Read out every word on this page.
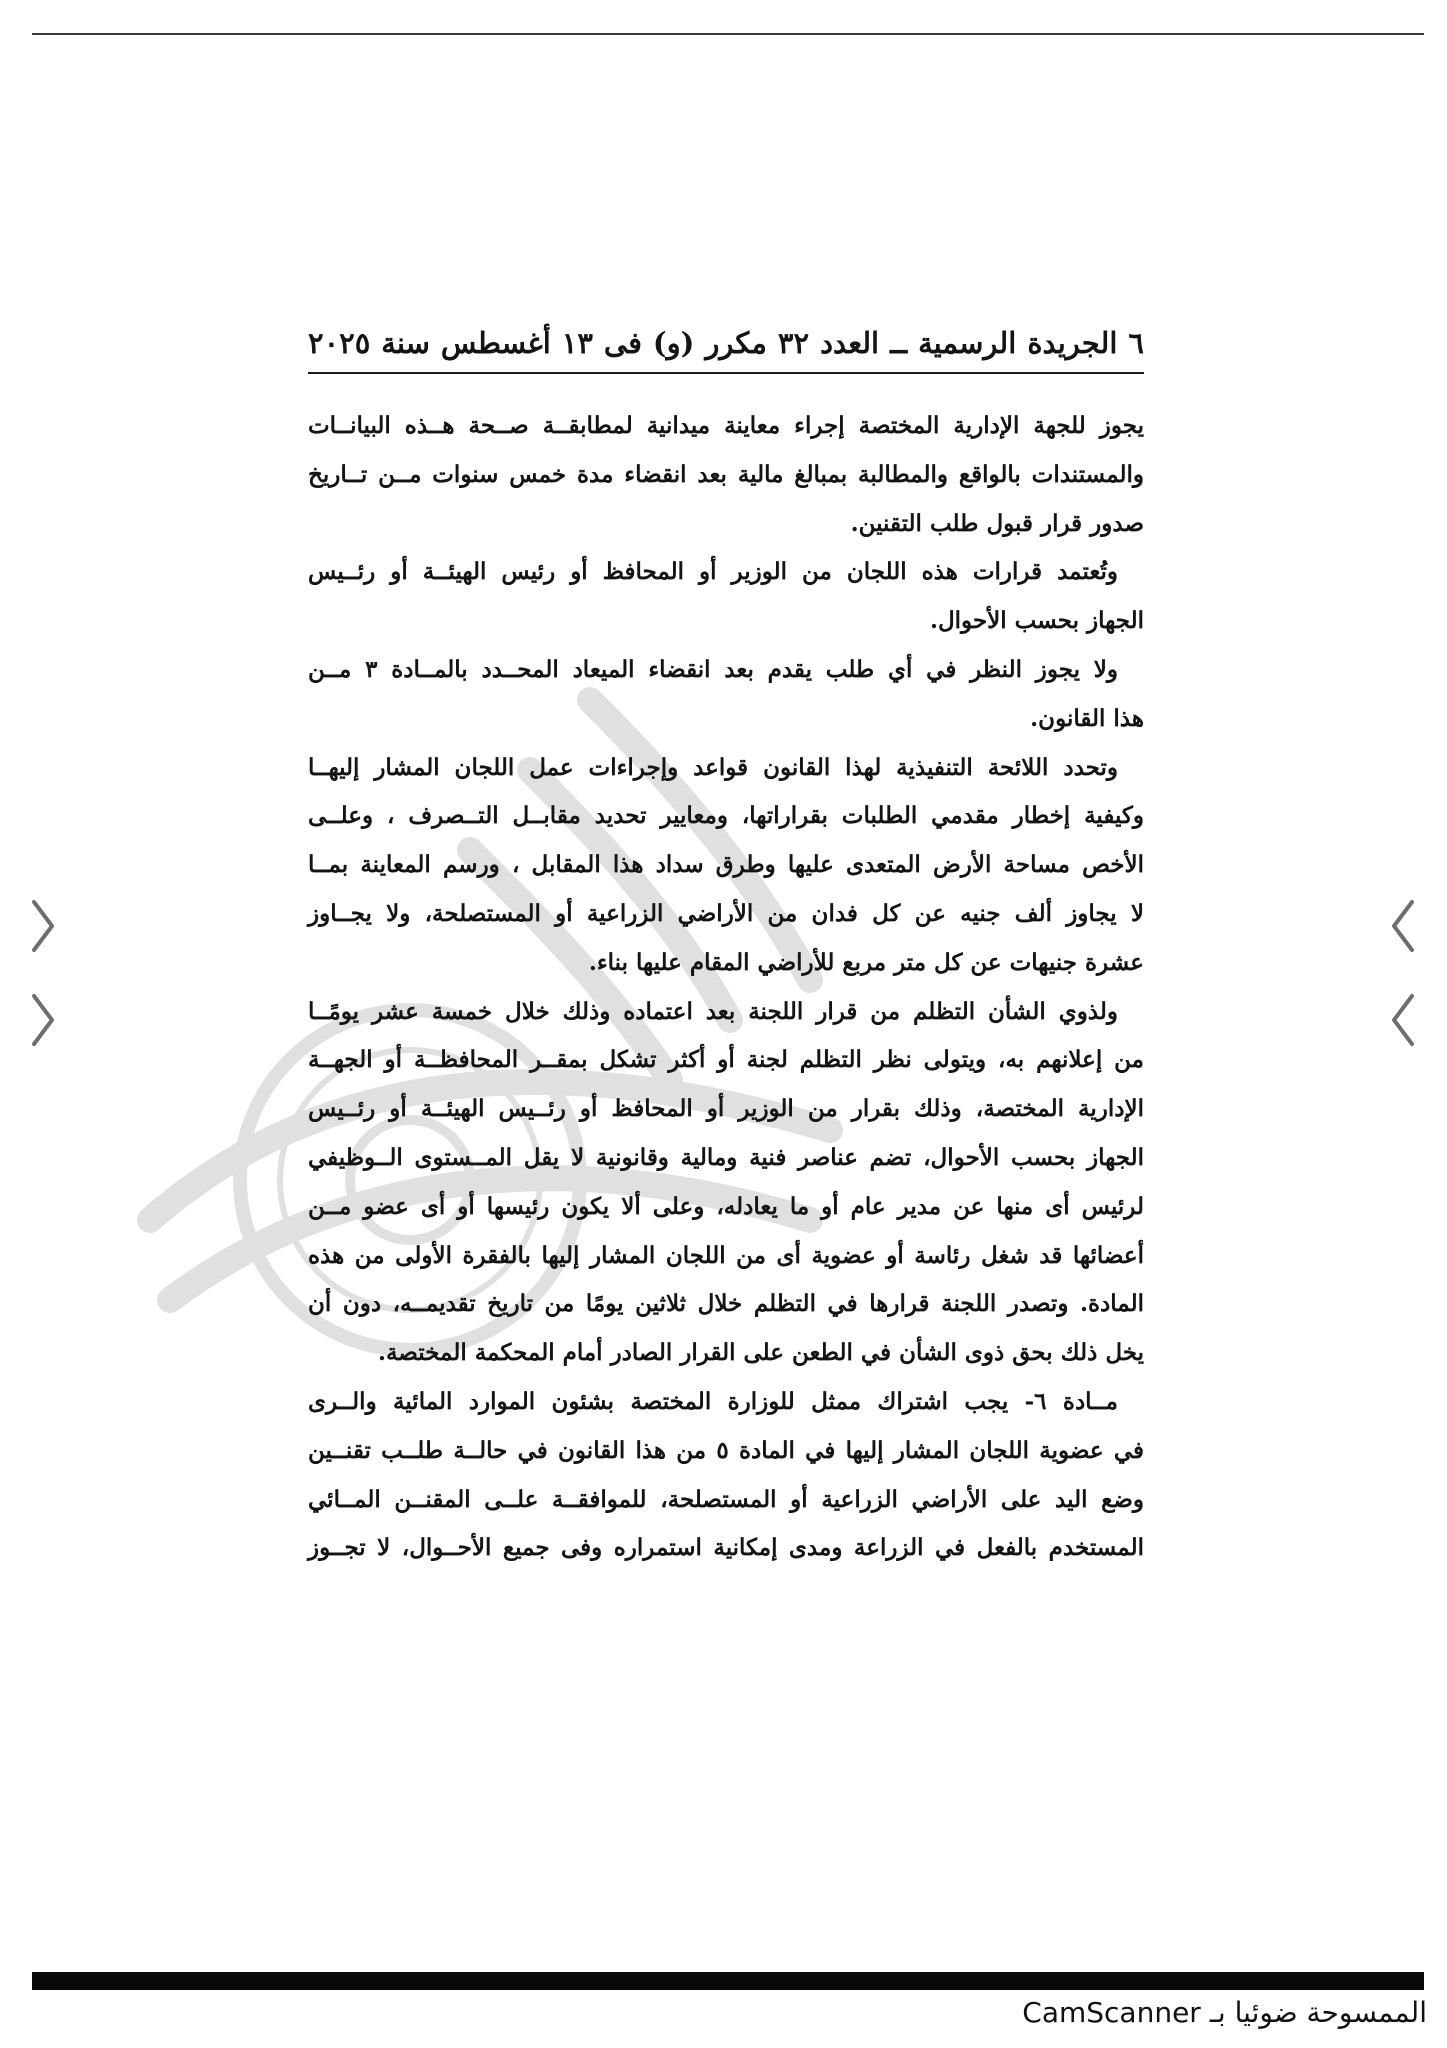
٦ الجريدة الرسمية ــ العدد ٣٢ مكرر (و) فى ١٣ أغسطس سنة ٢٠٢٥

يجوز للجهة الإدارية المختصة إجراء معاينة ميدانية لمطابقــة صــحة هــذه البيانــات
والمستندات بالواقع والمطالبة بمبالغ مالية بعد انقضاء مدة خمس سنوات مــن تــاريخ
صدور قرار قبول طلب التقنين.

وتُعتمد قرارات هذه اللجان من الوزير أو المحافظ أو رئيس الهيئــة أو رئــيس
الجهاز بحسب الأحوال.

ولا يجوز النظر في أي طلب يقدم بعد انقضاء الميعاد المحــدد بالمــادة ٣ مــن
هذا القانون.

وتحدد اللائحة التنفيذية لهذا القانون قواعد وإجراءات عمل اللجان المشار إليهــا
وكيفية إخطار مقدمي الطلبات بقراراتها، ومعايير تحديد مقابــل التــصرف ، وعلــى
الأخص مساحة الأرض المتعدى عليها وطرق سداد هذا المقابل ، ورسم المعاينة بمــا
لا يجاوز ألف جنيه عن كل فدان من الأراضي الزراعية أو المستصلحة، ولا يجــاوز
عشرة جنيهات عن كل متر مربع للأراضي المقام عليها بناء.

ولذوي الشأن التظلم من قرار اللجنة بعد اعتماده وذلك خلال خمسة عشر يومًــا
من إعلانهم به، ويتولى نظر التظلم لجنة أو أكثر تشكل بمقــر المحافظــة أو الجهــة
الإدارية المختصة، وذلك بقرار من الوزير أو المحافظ أو رئــيس الهيئــة أو رئــيس
الجهاز بحسب الأحوال، تضم عناصر فنية ومالية وقانونية لا يقل المــستوى الــوظيفي
لرئيس أى منها عن مدير عام أو ما يعادله، وعلى ألا يكون رئيسها أو أى عضو مــن
أعضائها قد شغل رئاسة أو عضوية أى من اللجان المشار إليها بالفقرة الأولى من هذه
المادة. وتصدر اللجنة قرارها في التظلم خلال ثلاثين يومًا من تاريخ تقديمــه، دون أن
يخل ذلك بحق ذوى الشأن في الطعن على القرار الصادر أمام المحكمة المختصة.

مــادة ٦- يجب اشتراك ممثل للوزارة المختصة بشئون الموارد المائية والــرى
في عضوية اللجان المشار إليها في المادة ٥ من هذا القانون في حالــة طلــب تقنــين
وضع اليد على الأراضي الزراعية أو المستصلحة، للموافقــة علــى المقنــن المــائي
المستخدم بالفعل في الزراعة ومدى إمكانية استمراره وفى جميع الأحــوال، لا تجــوز

الممسوحة ضوئيا بـ CamScanner
